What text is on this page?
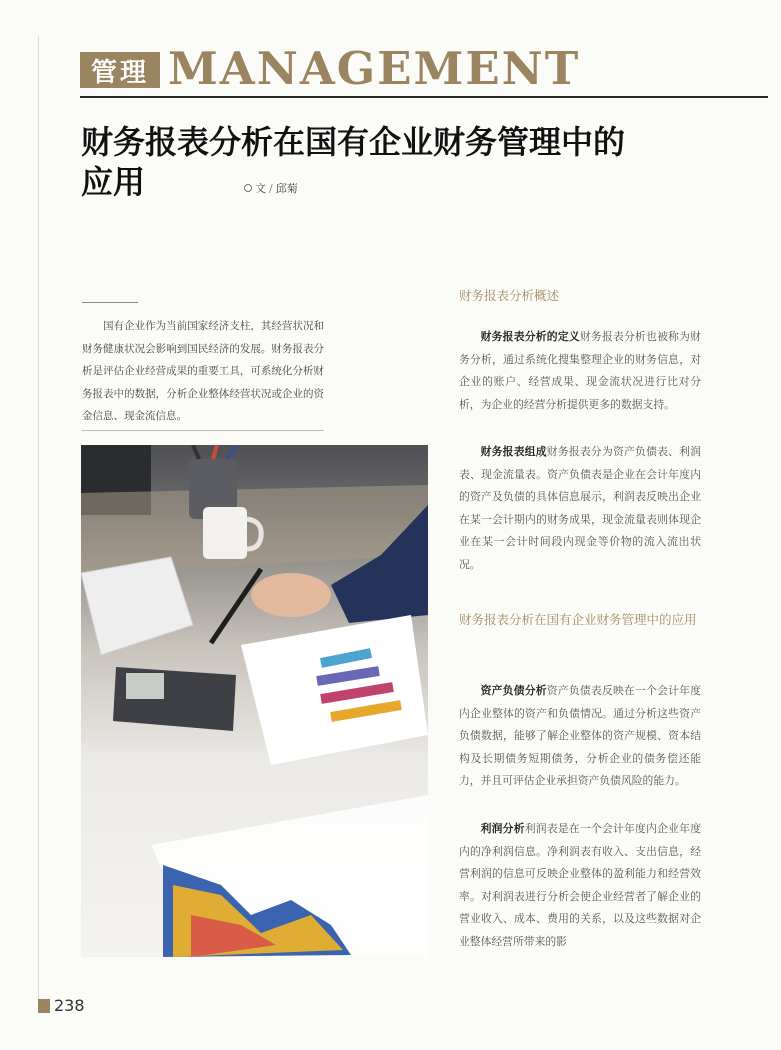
管理 MANAGEMENT
财务报表分析在国有企业财务管理中的应用	文 / 邱菊

国有企业作为当前国家经济支柱，其经营状况和财务健康状况会影响到国民经济的发展。财务报表分析是评估企业经营成果的重要工具，可系统化分析财务报表中的数据，分析企业整体经营状况或企业的资金信息、现金流信息。

财务报表分析概述

财务报表分析的定义财务报表分析也被称为财务分析，通过系统化搜集整理企业的财务信息，对企业的账户、经营成果、现金流状况进行比对分析，为企业的经营分析提供更多的数据支持。

财务报表组成财务报表分为资产负债表、利润表、现金流量表。资产负债表是企业在会计年度内的资产及负债的具体信息展示，利润表反映出企业在某一会计期内的财务成果，现金流量表则体现企业在某一会计时间段内现金等价物的流入流出状况。

财务报表分析在国有企业财务管理中的应用

资产负债分析资产负债表反映在一个会计年度内企业整体的资产和负债情况。通过分析这些资产负债数据，能够了解企业整体的资产规模、资本结构及长期债务短期债务，分析企业的债务偿还能力，并且可评估企业承担资产负债风险的能力。

利润分析利润表是在一个会计年度内企业年度内的净利润信息。净利润表有收入、支出信息，经营利润的信息可反映企业整体的盈利能力和经营效率。对利润表进行分析会使企业经营者了解企业的营业收入、成本、费用的关系，以及这些数据对企业整体经营所带来的影

238
